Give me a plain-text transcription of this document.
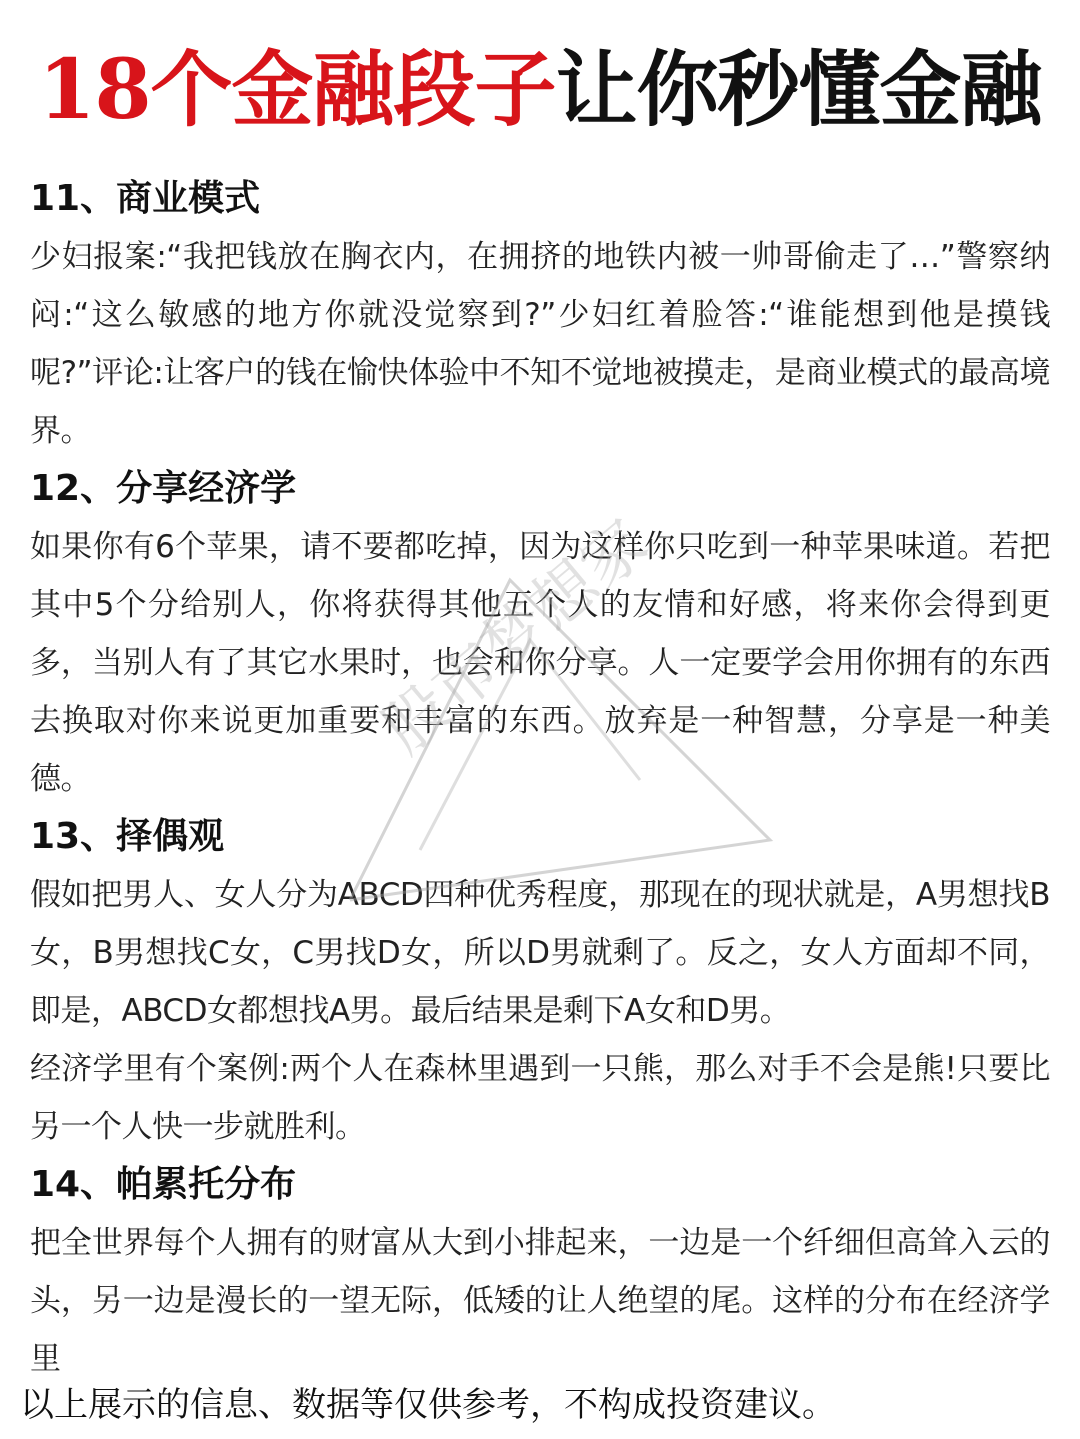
18个金融段子让你秒懂金融
11、商业模式

少妇报案:“我把钱放在胸衣内，在拥挤的地铁内被一帅哥偷走了…”警察纳闷:“这么敏感的地方你就没觉察到?”少妇红着脸答:“谁能想到他是摸钱呢?”评论:让客户的钱在愉快体验中不知不觉地被摸走，是商业模式的最高境界。

12、分享经济学

如果你有6个苹果，请不要都吃掉，因为这样你只吃到一种苹果味道。若把其中5个分给别人，你将获得其他五个人的友情和好感，将来你会得到更多，当别人有了其它水果时，也会和你分享。人一定要学会用你拥有的东西去换取对你来说更加重要和丰富的东西。放弃是一种智慧，分享是一种美德。

13、择偶观

假如把男人、女人分为ABCD四种优秀程度，那现在的现状就是，A男想找B女，B男想找C女，C男找D女，所以D男就剩了。反之，女人方面却不同，即是，ABCD女都想找A男。最后结果是剩下A女和D男。

经济学里有个案例:两个人在森林里遇到一只熊，那么对手不会是熊!只要比另一个人快一步就胜利。

14、帕累托分布

把全世界每个人拥有的财富从大到小排起来，一边是一个纤细但高耸入云的头，另一边是漫长的一望无际，低矮的让人绝望的尾。这样的分布在经济学里

股市梦想家
以上展示的信息、数据等仅供参考，不构成投资建议。
